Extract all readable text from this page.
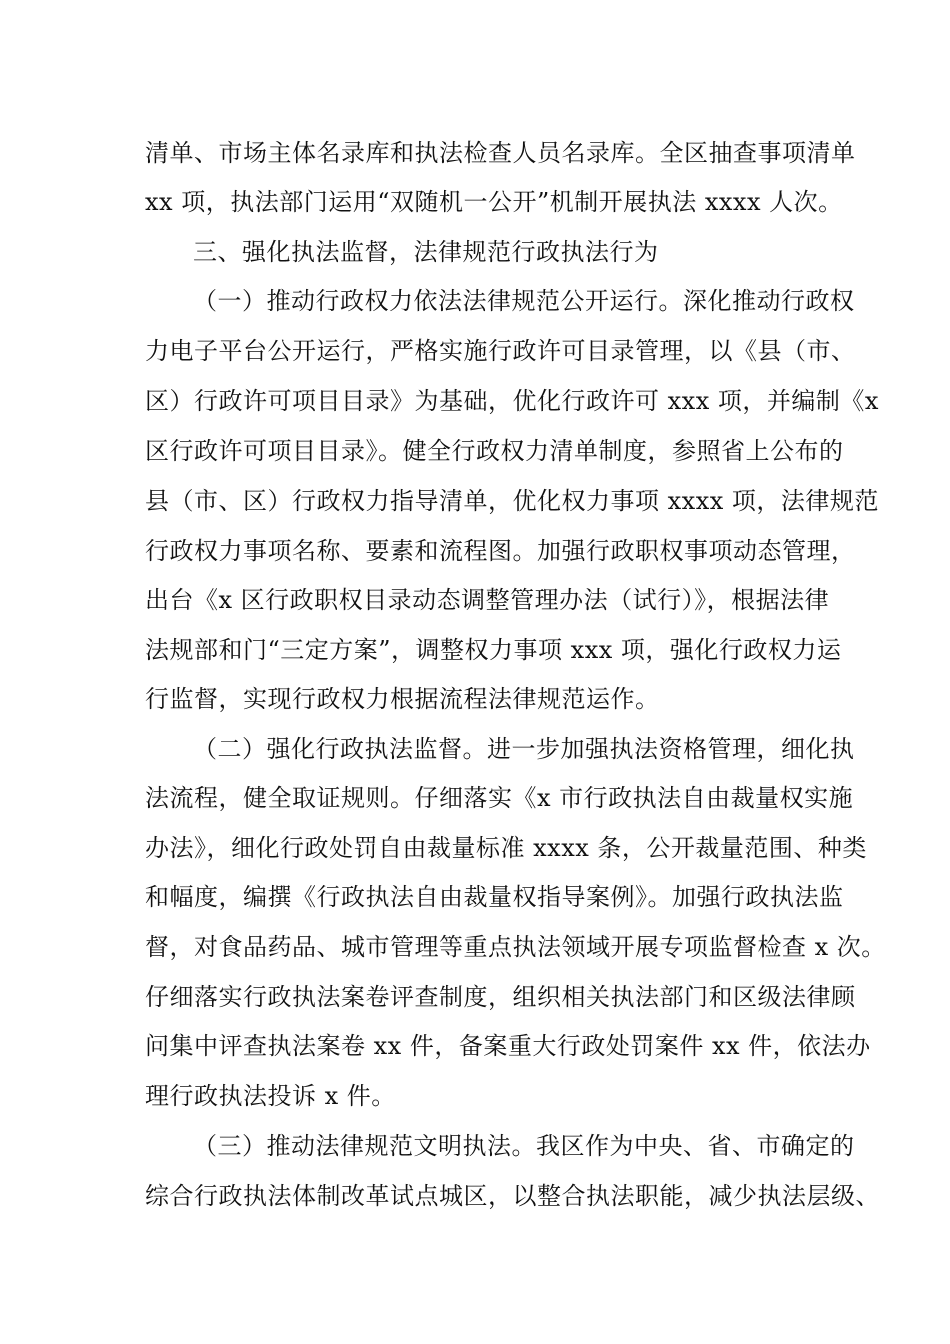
清单、市场主体名录库和执法检查人员名录库。全区抽查事项清单
xx 项，执法部门运用“双随机一公开”机制开展执法 xxxx 人次。
三、强化执法监督，法律规范行政执法行为
（一）推动行政权力依法法律规范公开运行。深化推动行政权
力电子平台公开运行，严格实施行政许可目录管理，以《县（市、
区）行政许可项目目录》为基础，优化行政许可 xxx 项，并编制《x
区行政许可项目目录》。健全行政权力清单制度，参照省上公布的
县（市、区）行政权力指导清单，优化权力事项 xxxx 项，法律规范
行政权力事项名称、要素和流程图。加强行政职权事项动态管理，
出台《x 区行政职权目录动态调整管理办法（试行）》，根据法律
法规部和门“三定方案”，调整权力事项 xxx 项，强化行政权力运
行监督，实现行政权力根据流程法律规范运作。
（二）强化行政执法监督。进一步加强执法资格管理，细化执
法流程，健全取证规则。仔细落实《x 市行政执法自由裁量权实施
办法》，细化行政处罚自由裁量标准 xxxx 条，公开裁量范围、种类
和幅度，编撰《行政执法自由裁量权指导案例》。加强行政执法监
督，对食品药品、城市管理等重点执法领域开展专项监督检查 x 次。
仔细落实行政执法案卷评查制度，组织相关执法部门和区级法律顾
问集中评查执法案卷 xx 件，备案重大行政处罚案件 xx 件，依法办
理行政执法投诉 x 件。
（三）推动法律规范文明执法。我区作为中央、省、市确定的
综合行政执法体制改革试点城区，以整合执法职能，减少执法层级、
